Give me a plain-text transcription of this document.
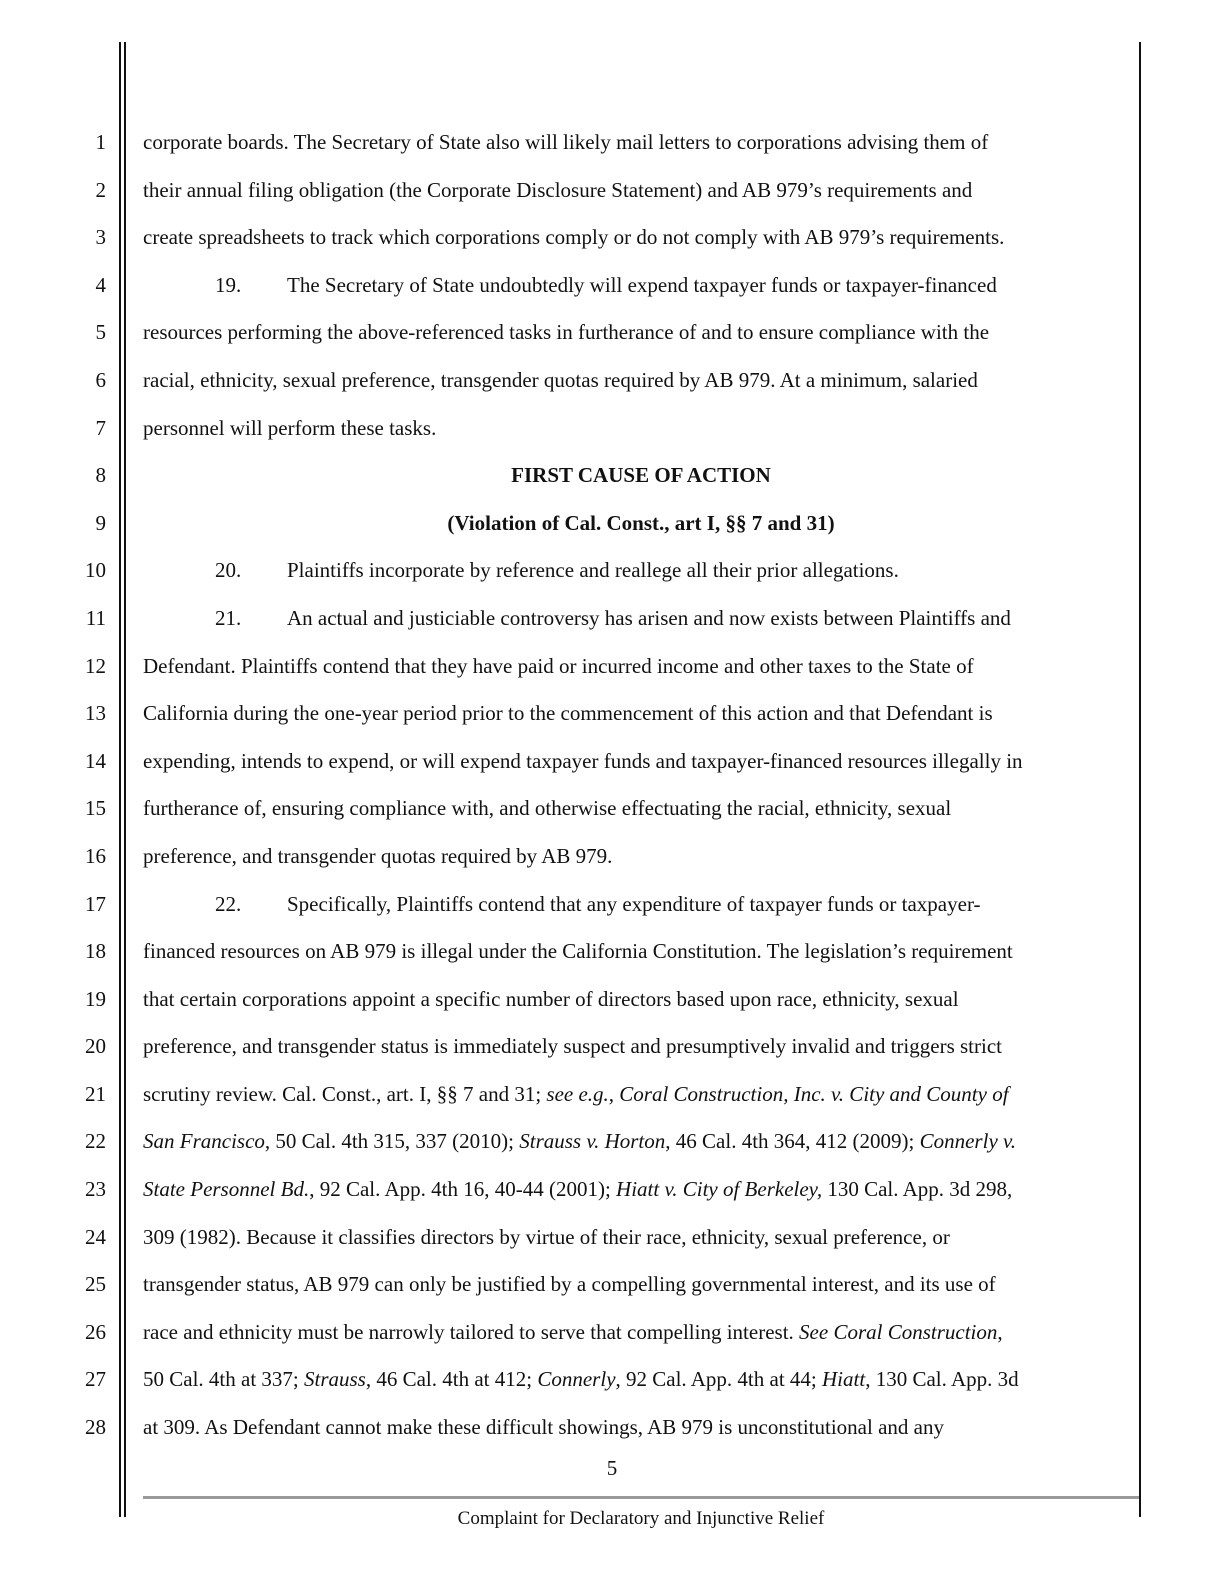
1
2
3
4
5
6
7
8
9
10
11
12
13
14
15
16
17
18
19
20
21
22
23
24
25
26
27
28
corporate boards. The Secretary of State also will likely mail letters to corporations advising them of
their annual filing obligation (the Corporate Disclosure Statement) and AB 979’s requirements and
create spreadsheets to track which corporations comply or do not comply with AB 979’s requirements.
19. The Secretary of State undoubtedly will expend taxpayer funds or taxpayer-financed
resources performing the above-referenced tasks in furtherance of and to ensure compliance with the
racial, ethnicity, sexual preference, transgender quotas required by AB 979. At a minimum, salaried
personnel will perform these tasks.
FIRST CAUSE OF ACTION
(Violation of Cal. Const., art I, §§ 7 and 31)
20. Plaintiffs incorporate by reference and reallege all their prior allegations.
21. An actual and justiciable controversy has arisen and now exists between Plaintiffs and
Defendant. Plaintiffs contend that they have paid or incurred income and other taxes to the State of
California during the one-year period prior to the commencement of this action and that Defendant is
expending, intends to expend, or will expend taxpayer funds and taxpayer-financed resources illegally in
furtherance of, ensuring compliance with, and otherwise effectuating the racial, ethnicity, sexual
preference, and transgender quotas required by AB 979.
22. Specifically, Plaintiffs contend that any expenditure of taxpayer funds or taxpayer-
financed resources on AB 979 is illegal under the California Constitution. The legislation’s requirement
that certain corporations appoint a specific number of directors based upon race, ethnicity, sexual
preference, and transgender status is immediately suspect and presumptively invalid and triggers strict
scrutiny review. Cal. Const., art. I, §§ 7 and 31; see e.g., Coral Construction, Inc. v. City and County of
San Francisco, 50 Cal. 4th 315, 337 (2010); Strauss v. Horton, 46 Cal. 4th 364, 412 (2009); Connerly v.
State Personnel Bd., 92 Cal. App. 4th 16, 40-44 (2001); Hiatt v. City of Berkeley, 130 Cal. App. 3d 298,
309 (1982). Because it classifies directors by virtue of their race, ethnicity, sexual preference, or
transgender status, AB 979 can only be justified by a compelling governmental interest, and its use of
race and ethnicity must be narrowly tailored to serve that compelling interest. See Coral Construction,
50 Cal. 4th at 337; Strauss, 46 Cal. 4th at 412; Connerly, 92 Cal. App. 4th at 44; Hiatt, 130 Cal. App. 3d
at 309. As Defendant cannot make these difficult showings, AB 979 is unconstitutional and any
5
Complaint for Declaratory and Injunctive Relief
